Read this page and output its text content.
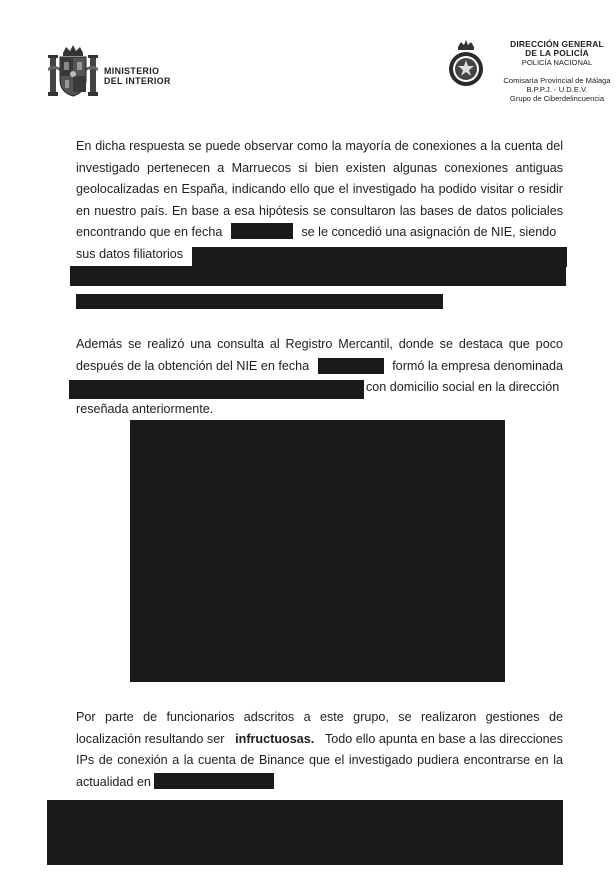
MINISTERIO
DEL INTERIOR
DIRECCIÓN GENERAL
DE LA POLICÍA
POLICÍA NACIONAL
Comisaría Provincial de Málaga
B.P.P.J. - U.D.E.V.
Grupo de Ciberdelincuencia
En dicha respuesta se puede observar como la mayoría de conexiones a la cuenta del
investigado pertenecen a Marruecos si bien existen algunas conexiones antiguas
geolocalizadas en España, indicando ello que el investigado ha podido visitar o residir
en nuestro país. En base a esa hipótesis se consultaron las bases de datos policiales
encontrando que en fecha	se le concedió una asignación de NIE, siendo
sus datos filiatorios
Además se realizó una consulta al Registro Mercantil, donde se destaca que poco
después de la obtención del NIE en fecha	formó la empresa denominada
con domicilio social en la dirección
reseñada anteriormente.
Por parte de funcionarios adscritos a este grupo, se realizaron gestiones de
localización resultando ser infructuosas. Todo ello apunta en base a las direcciones
IPs de conexión a la cuenta de Binance que el investigado pudiera encontrarse en la
actualidad en
